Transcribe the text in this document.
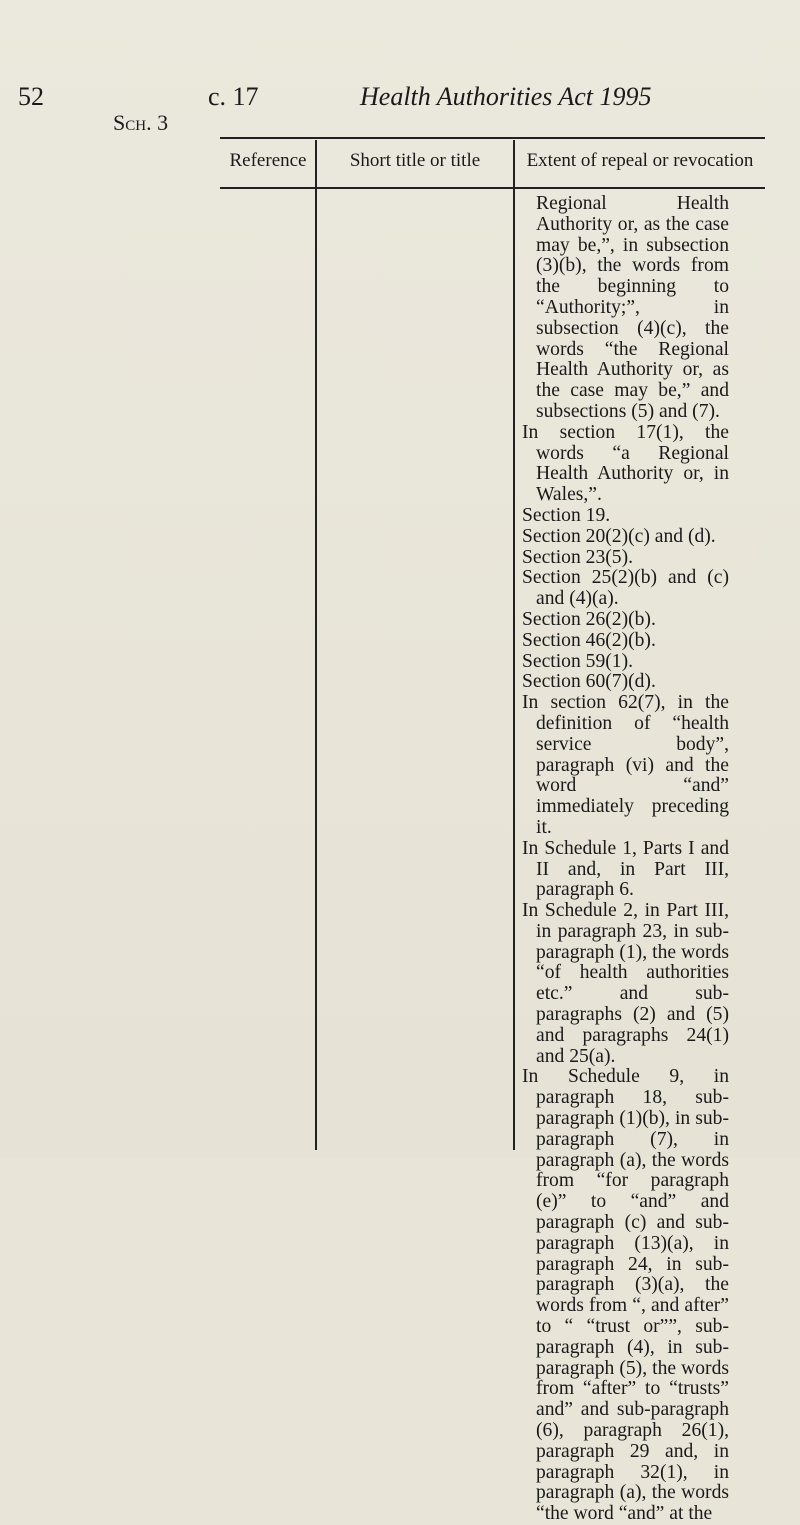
52	c. 17	Health Authorities Act 1995
Sch. 3
Reference	Short title or title	Extent of repeal or revocation

Regional Health Authority or, as the case may be,”, in subsection (3)(b), the words from the beginning to “Authority;”, in subsection (4)(c), the words “the Regional Health Authority or, as the case may be,” and subsections (5) and (7).

In section 17(1), the words “a Regional Health Authority or, in Wales,”.

Section 19.

Section 20(2)(c) and (d).

Section 23(5).

Section 25(2)(b) and (c) and (4)(a).

Section 26(2)(b).

Section 46(2)(b).

Section 59(1).

Section 60(7)(d).

In section 62(7), in the definition of “health service body”, paragraph (vi) and the word “and” immediately preceding it.

In Schedule 1, Parts I and II and, in Part III, paragraph 6.

In Schedule 2, in Part III, in paragraph 23, in sub-paragraph (1), the words “of health authorities etc.” and sub-paragraphs (2) and (5) and paragraphs 24(1) and 25(a).

In Schedule 9, in paragraph 18, sub-paragraph (1)(b), in sub-paragraph (7), in paragraph (a), the words from “for paragraph (e)” to “and” and paragraph (c) and sub-paragraph (13)(a), in paragraph 24, in sub-paragraph (3)(a), the words from “, and after” to “ “trust or””, sub-paragraph (4), in sub-paragraph (5), the words from “after” to “trusts” and” and sub-paragraph (6), paragraph 26(1), paragraph 29 and, in paragraph 32(1), in paragraph (a), the words “the word “and” at the
